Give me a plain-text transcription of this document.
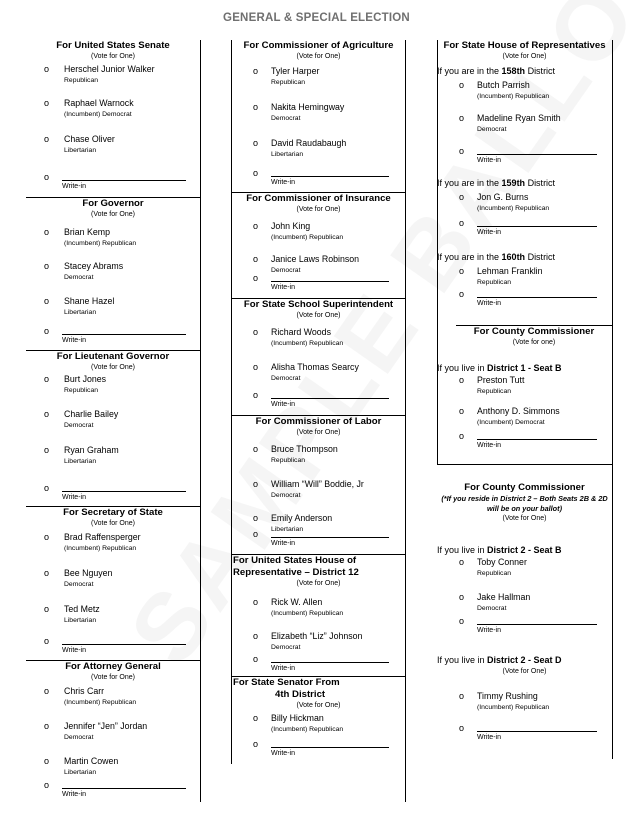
GENERAL & SPECIAL ELECTION
For United States Senate
(Vote for One)
o Herschel Junior Walker
Republican
o Raphael Warnock
(Incumbent) Democrat
o Chase Oliver
Libertarian
o
Write-in
For Governor
(Vote for One)
o Brian Kemp
(Incumbent) Republican
o Stacey Abrams
Democrat
o Shane Hazel
Libertarian
o
Write-in
For Lieutenant Governor
(Vote for One)
o Burt Jones
Republican
o Charlie Bailey
Democrat
o Ryan Graham
Libertarian
o
Write-in
For Secretary of State
(Vote for One)
o Brad Raffensperger
(Incumbent) Republican
o Bee Nguyen
Democrat
o Ted Metz
Libertarian
o
Write-in
For Attorney General
(Vote for One)
o Chris Carr
(Incumbent) Republican
o Jennifer “Jen” Jordan
Democrat
o Martin Cowen
Libertarian
o
Write-in
For Commissioner of Agriculture
(Vote for One)
o Tyler Harper
Republican
o Nakita Hemingway
Democrat
o David Raudabaugh
Libertarian
o
Write-in
For Commissioner of Insurance
(Vote for One)
o John King
(Incumbent) Republican
o Janice Laws Robinson
Democrat
o
Write-in
For State School Superintendent
(Vote for One)
o Richard Woods
(Incumbent) Republican
o Alisha Thomas Searcy
Democrat
o
Write-in
For Commissioner of Labor
(Vote for One)
o Bruce Thompson
Republican
o William “Will” Boddie, Jr
Democrat
o Emily Anderson
Libertarian
o
Write-in
For United States House of
Representative – District 12
(Vote for One)
o Rick W. Allen
(Incumbent) Republican
o Elizabeth “Liz” Johnson
Democrat
o
Write-in
For State Senator From
4th District
(Vote for One)
o Billy Hickman
(Incumbent) Republican
o
Write-in
For State House of Representatives
(Vote for One)
If you are in the 158th District
o Butch Parrish
(Incumbent) Republican
o Madeline Ryan Smith
Democrat
o
Write-in
If you are in the 159th District
o Jon G. Burns
(Incumbent) Republican
o
Write-in
If you are in the 160th District
o Lehman Franklin
Republican
o
Write-in
For County Commissioner
(Vote for one)
If you live in District 1 - Seat B
o Preston Tutt
Republican
o Anthony D. Simmons
(Incumbent) Democrat
o
Write-in
For County Commissioner
(*If you reside in District 2 – Both Seats 2B & 2D will be on your ballot)
(Vote for One)
If you live in District 2 - Seat B
o Toby Conner
Republican
o Jake Hallman
Democrat
o
Write-in
If you live in District 2 - Seat D
(Vote for One)
o Timmy Rushing
(Incumbent) Republican
o
Write-in
